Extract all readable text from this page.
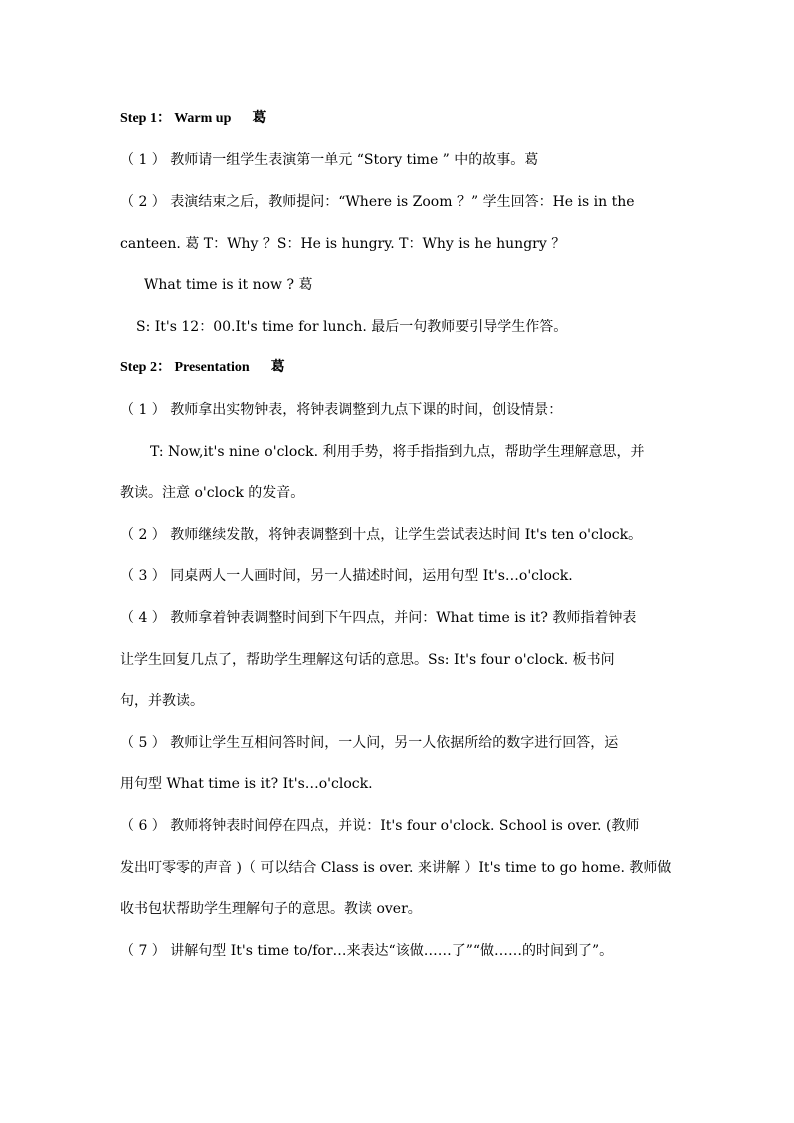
Step 1： Warm up 　 葛
（ 1 ） 教师请一组学生表演第一单元 “Story time ” 中的故事。葛
（ 2 ） 表演结束之后，教师提问：“Where is Zoom ？” 学生回答：He is in the
canteen. 葛 T：Why ？S：He is hungry. T：Why is he hungry ？
What time is it now ? 葛
S: It's 12：00.It's time for lunch. 最后一句教师要引导学生作答。
Step 2： Presentation 　 葛
（ 1 ） 教师拿出实物钟表，将钟表调整到九点下课的时间，创设情景：
T: Now,it's nine o'clock. 利用手势，将手指指到九点，帮助学生理解意思，并
教读。注意 o'clock 的发音。
（ 2 ） 教师继续发散，将钟表调整到十点，让学生尝试表达时间 It's ten o'clock。
（ 3 ） 同桌两人一人画时间，另一人描述时间，运用句型 It's…o'clock.
（ 4 ） 教师拿着钟表调整时间到下午四点，并问：What time is it? 教师指着钟表
让学生回复几点了，帮助学生理解这句话的意思。Ss: It's four o'clock. 板书问
句，并教读。
（ 5 ） 教师让学生互相问答时间，一人问，另一人依据所给的数字进行回答，运
用句型 What time is it? It's…o'clock.
（ 6 ） 教师将钟表时间停在四点，并说：It's four o'clock. School is over. (教师
发出叮零零的声音 )（ 可以结合 Class is over. 来讲解 ）It's time to go home. 教师做
收书包状帮助学生理解句子的意思。教读 over。
（ 7 ） 讲解句型 It's time to/for…来表达“该做……了”“做……的时间到了”。
